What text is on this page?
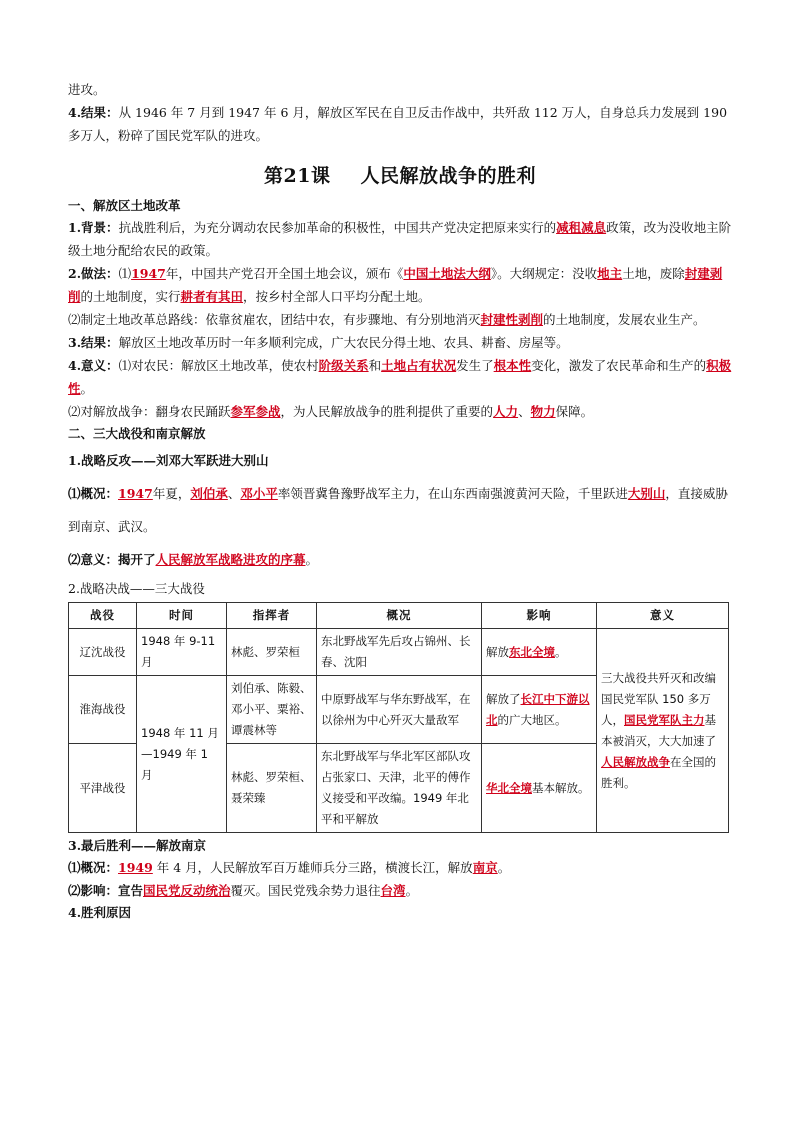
进攻。

4.结果：从 1946 年 7 月到 1947 年 6 月，解放区军民在自卫反击作战中，共歼敌 112 万人，自身总兵力发展到 190 多万人，粉碎了国民党军队的进攻。

第21课 人民解放战争的胜利

一、解放区土地改革

1.背景：抗战胜利后，为充分调动农民参加革命的积极性，中国共产党决定把原来实行的减租减息政策，改为没收地主阶级土地分配给农民的政策。

2.做法：⑴1947年，中国共产党召开全国土地会议，颁布《中国土地法大纲》。大纲规定：没收地主土地，废除封建剥削的土地制度，实行耕者有其田，按乡村全部人口平均分配土地。

⑵制定土地改革总路线：依靠贫雇农，团结中农，有步骤地、有分别地消灭封建性剥削的土地制度，发展农业生产。

3.结果：解放区土地改革历时一年多顺利完成，广大农民分得土地、农具、耕畜、房屋等。

4.意义：⑴对农民：解放区土地改革，使农村阶级关系和土地占有状况发生了根本性变化，激发了农民革命和生产的积极性。

⑵对解放战争：翻身农民踊跃参军参战，为人民解放战争的胜利提供了重要的人力、物力保障。

二、三大战役和南京解放

1.战略反攻——刘邓大军跃进大别山

⑴概况：1947年夏，刘伯承、邓小平率领晋冀鲁豫野战军主力，在山东西南强渡黄河天险，千里跃进大别山，直接威胁到南京、武汉。

⑵意义：揭开了人民解放军战略进攻的序幕。

2.战略决战——三大战役

战役	时间	指挥者	概况	影响	意义
辽沈战役	1948 年 9-11 月	林彪、罗荣桓	东北野战军先后攻占锦州、长春、沈阳	解放东北全境。	三大战役共歼灭和改编国民党军队 150 多万人，国民党军队主力基本被消灭，大大加速了人民解放战争在全国的胜利。
淮海战役	1948 年 11 月—1949 年 1 月	刘伯承、陈毅、邓小平、粟裕、谭震林等	中原野战军与华东野战军，在以徐州为中心歼灭大量敌军	解放了长江中下游以北的广大地区。	
平津战役		林彪、罗荣桓、聂荣臻	东北野战军与华北军区部队攻占张家口、天津，北平的傅作义接受和平改编。1949 年北平和平解放	华北全境基本解放。	

3.最后胜利——解放南京

⑴概况：1949 年 4 月，人民解放军百万雄师兵分三路，横渡长江，解放南京。

⑵影响：宣告国民党反动统治覆灭。国民党残余势力退往台湾。

4.胜利原因
